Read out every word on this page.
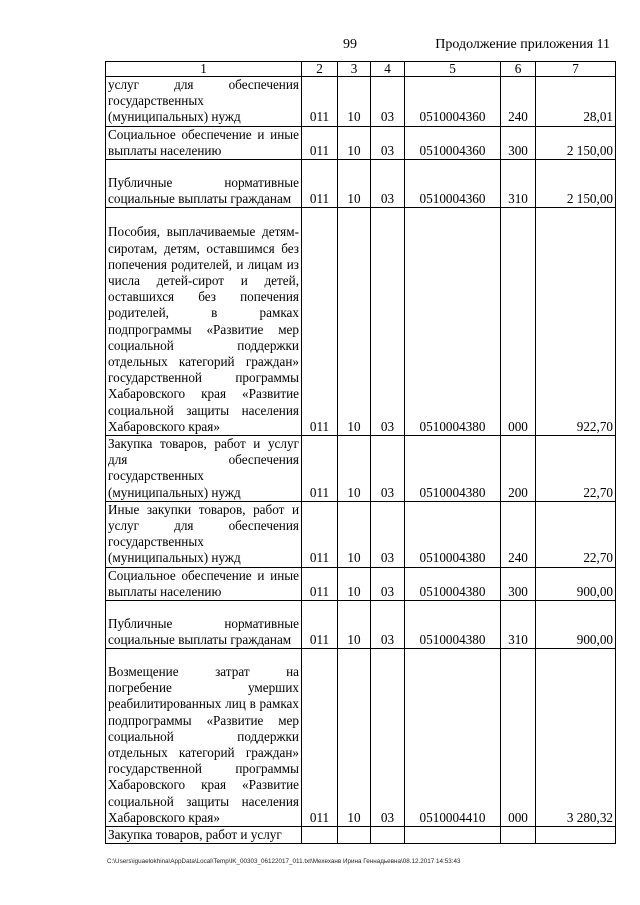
99	Продолжение приложения 11
1	2	3	4	5	6	7
услуг для обеспечения государственных (муниципальных) нужд	011	10	03	0510004360	240	28,01
Социальное обеспечение и иные выплаты населению	011	10	03	0510004360	300	2 150,00
Публичные нормативные социальные выплаты гражданам	011	10	03	0510004360	310	2 150,00
Пособия, выплачиваемые детям-сиротам, детям, оставшимся без попечения родителей, и лицам из числа детей-сирот и детей, оставшихся без попечения родителей, в рамках подпрограммы «Развитие мер социальной поддержки отдельных категорий граждан» государственной программы Хабаровского края «Развитие социальной защиты населения Хабаровского края»	011	10	03	0510004380	000	922,70
Закупка товаров, работ и услуг для обеспечения государственных (муниципальных) нужд	011	10	03	0510004380	200	22,70
Иные закупки товаров, работ и услуг для обеспечения государственных (муниципальных) нужд	011	10	03	0510004380	240	22,70
Социальное обеспечение и иные выплаты населению	011	10	03	0510004380	300	900,00
Публичные нормативные социальные выплаты гражданам	011	10	03	0510004380	310	900,00
Возмещение затрат на погребение умерших реабилитированных лиц в рамках подпрограммы «Развитие мер социальной поддержки отдельных категорий граждан» государственной программы Хабаровского края «Развитие социальной защиты населения Хабаровского края»	011	10	03	0510004410	000	3 280,32
Закупка товаров, работ и услуг						
C:\Users\iguaelokhina\AppData\Local\Temp\IK_00303_06122017_011.txt\Мехеханв Ирина Геннадьевна\08.12.2017 14:53:43
